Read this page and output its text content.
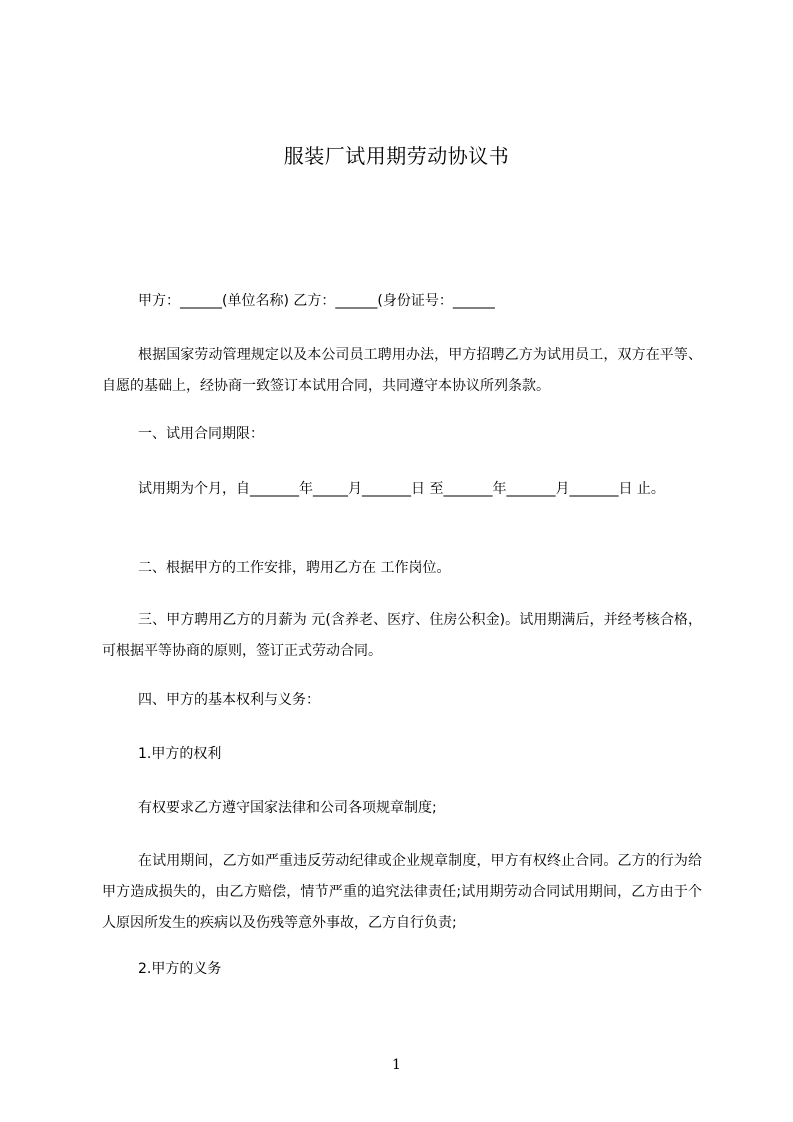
服装厂试用期劳动协议书
甲方：______(单位名称) 乙方：______(身份证号：______
根据国家劳动管理规定以及本公司员工聘用办法，甲方招聘乙方为试用员工，双方在平等、自愿的基础上，经协商一致签订本试用合同，共同遵守本协议所列条款。
一、试用合同期限：
试用期为个月，自_______年_____月_______日 至_______年_______月_______日 止。
二、根据甲方的工作安排，聘用乙方在 工作岗位。
三、甲方聘用乙方的月薪为 元(含养老、医疗、住房公积金)。试用期满后，并经考核合格，可根据平等协商的原则，签订正式劳动合同。
四、甲方的基本权利与义务：
1.甲方的权利
有权要求乙方遵守国家法律和公司各项规章制度;
在试用期间，乙方如严重违反劳动纪律或企业规章制度，甲方有权终止合同。乙方的行为给甲方造成损失的，由乙方赔偿，情节严重的追究法律责任;试用期劳动合同试用期间，乙方由于个人原因所发生的疾病以及伤残等意外事故，乙方自行负责;
2.甲方的义务
1
